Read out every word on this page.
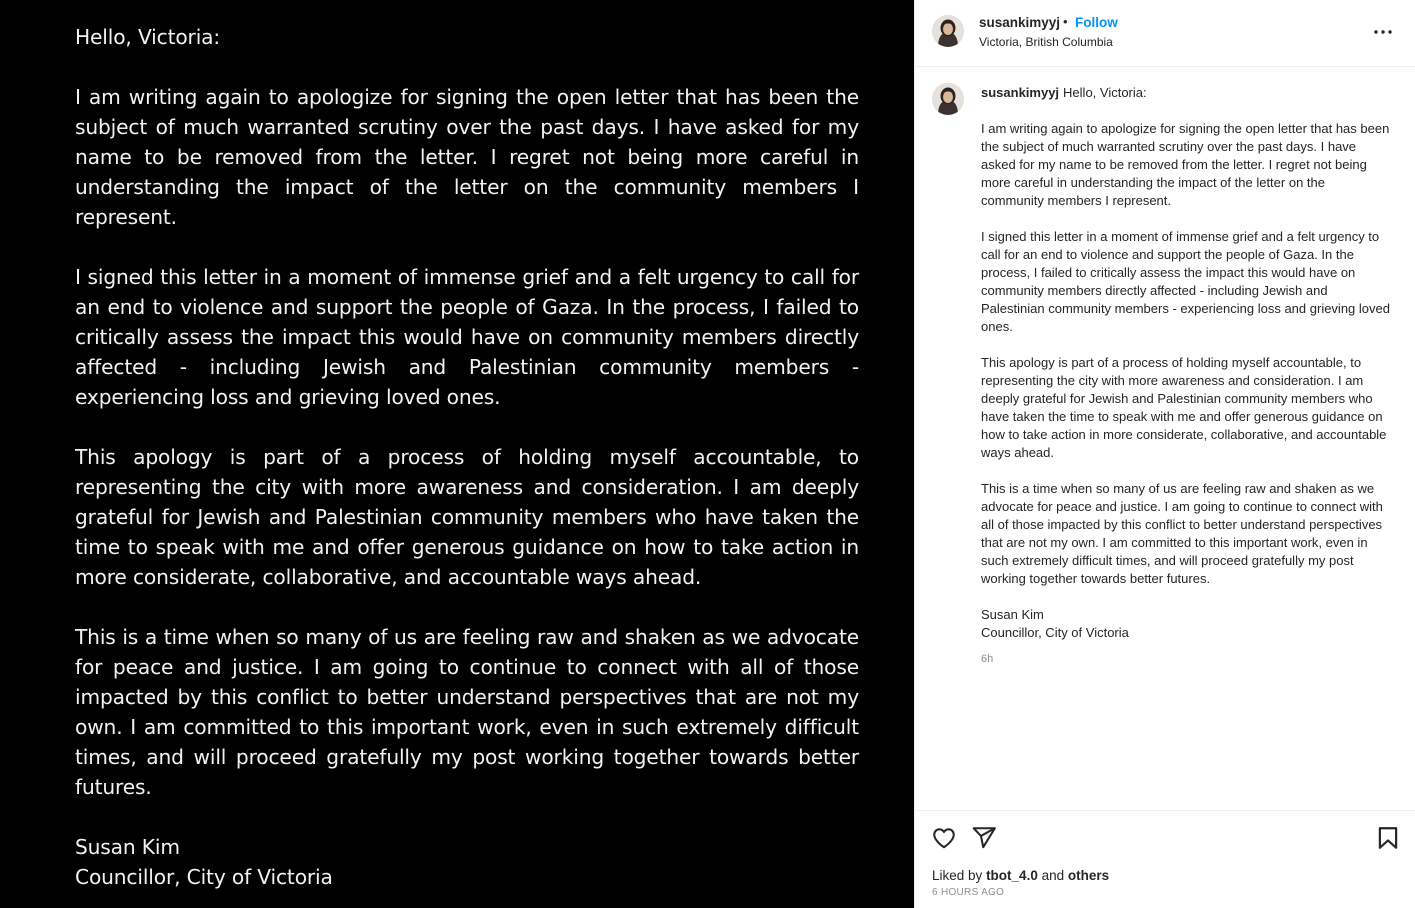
Hello, Victoria:

I am writing again to apologize for signing the open letter that has been the subject of much warranted scrutiny over the past days. I have asked for my name to be removed from the letter. I regret not being more careful in understanding the impact of the letter on the community members I represent.

I signed this letter in a moment of immense grief and a felt urgency to call for an end to violence and support the people of Gaza. In the process, I failed to critically assess the impact this would have on community members directly affected - including Jewish and Palestinian community members - experiencing loss and grieving loved ones.

This apology is part of a process of holding myself accountable, to representing the city with more awareness and consideration. I am deeply grateful for Jewish and Palestinian community members who have taken the time to speak with me and offer generous guidance on how to take action in more considerate, collaborative, and accountable ways ahead.

This is a time when so many of us are feeling raw and shaken as we advocate for peace and justice. I am going to continue to connect with all of those impacted by this conflict to better understand perspectives that are not my own. I am committed to this important work, even in such extremely difficult times, and will proceed gratefully my post working together towards better futures.

Susan Kim
Councillor, City of Victoria

susankimyyj • Follow
Victoria, British Columbia
susankimyyj Hello, Victoria:

I am writing again to apologize for signing the open letter that has been the subject of much warranted scrutiny over the past days. I have asked for my name to be removed from the letter. I regret not being more careful in understanding the impact of the letter on the community members I represent.

I signed this letter in a moment of immense grief and a felt urgency to call for an end to violence and support the people of Gaza. In the process, I failed to critically assess the impact this would have on community members directly affected - including Jewish and Palestinian community members - experiencing loss and grieving loved ones.

This apology is part of a process of holding myself accountable, to representing the city with more awareness and consideration. I am deeply grateful for Jewish and Palestinian community members who have taken the time to speak with me and offer generous guidance on how to take action in more considerate, collaborative, and accountable ways ahead.

This is a time when so many of us are feeling raw and shaken as we advocate for peace and justice. I am going to continue to connect with all of those impacted by this conflict to better understand perspectives that are not my own. I am committed to this important work, even in such extremely difficult times, and will proceed gratefully my post working together towards better futures.

Susan Kim
Councillor, City of Victoria

6h
Liked by tbot_4.0 and others
6 HOURS AGO
